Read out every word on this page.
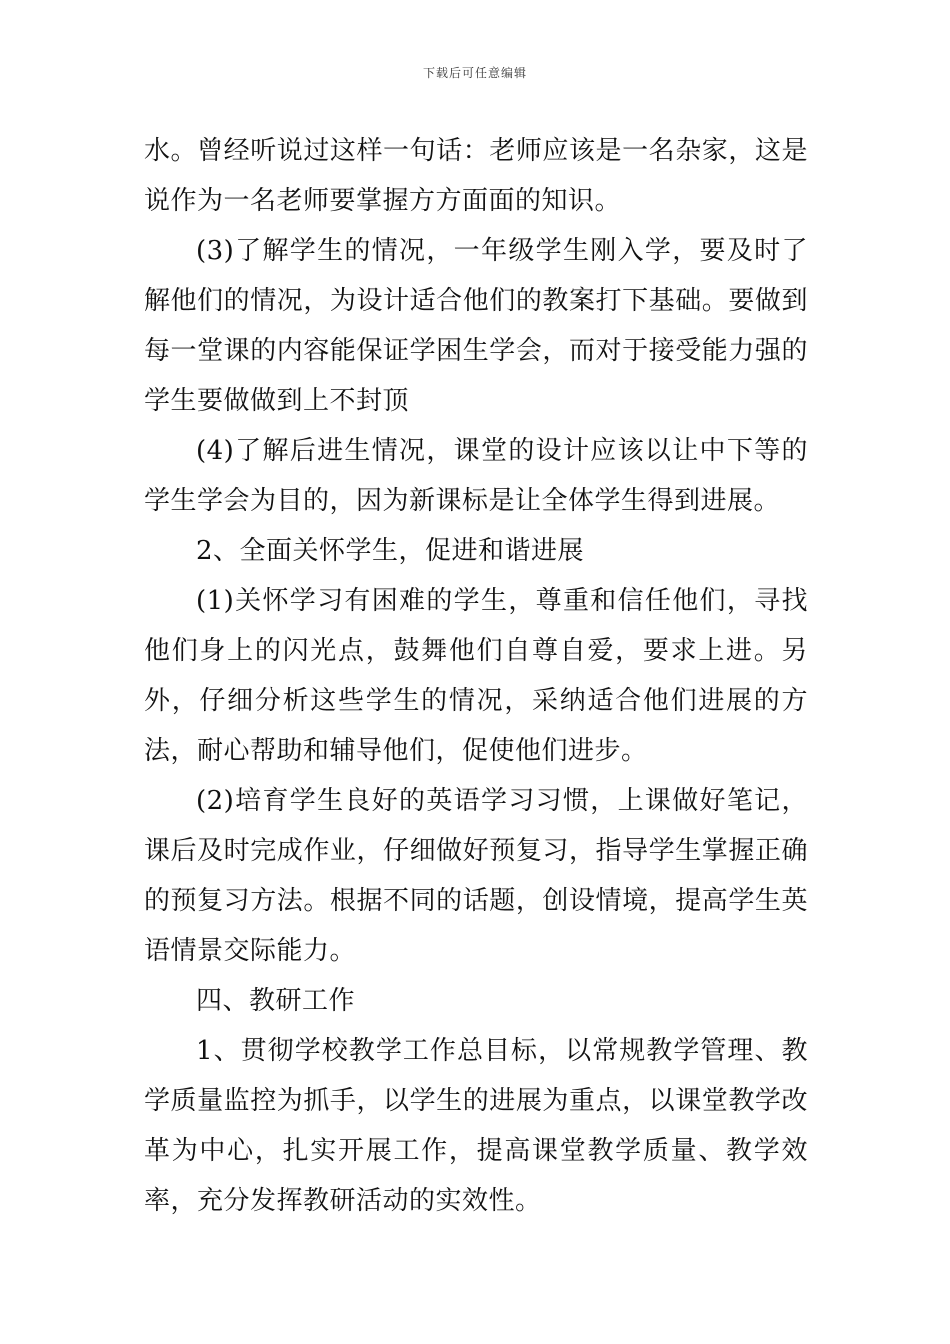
下载后可任意编辑

水。曾经听说过这样一句话：老师应该是一名杂家，这是说作为一名老师要掌握方方面面的知识。

(3)了解学生的情况，一年级学生刚入学，要及时了解他们的情况，为设计适合他们的教案打下基础。要做到每一堂课的内容能保证学困生学会，而对于接受能力强的学生要做做到上不封顶

(4)了解后进生情况，课堂的设计应该以让中下等的学生学会为目的，因为新课标是让全体学生得到进展。

2、全面关怀学生，促进和谐进展

(1)关怀学习有困难的学生，尊重和信任他们，寻找他们身上的闪光点，鼓舞他们自尊自爱，要求上进。另外，仔细分析这些学生的情况，采纳适合他们进展的方法，耐心帮助和辅导他们，促使他们进步。

(2)培育学生良好的英语学习习惯，上课做好笔记，课后及时完成作业，仔细做好预复习，指导学生掌握正确的预复习方法。根据不同的话题，创设情境，提高学生英语情景交际能力。

四、教研工作

1、贯彻学校教学工作总目标，以常规教学管理、教学质量监控为抓手，以学生的进展为重点，以课堂教学改革为中心，扎实开展工作，提高课堂教学质量、教学效率，充分发挥教研活动的实效性。
